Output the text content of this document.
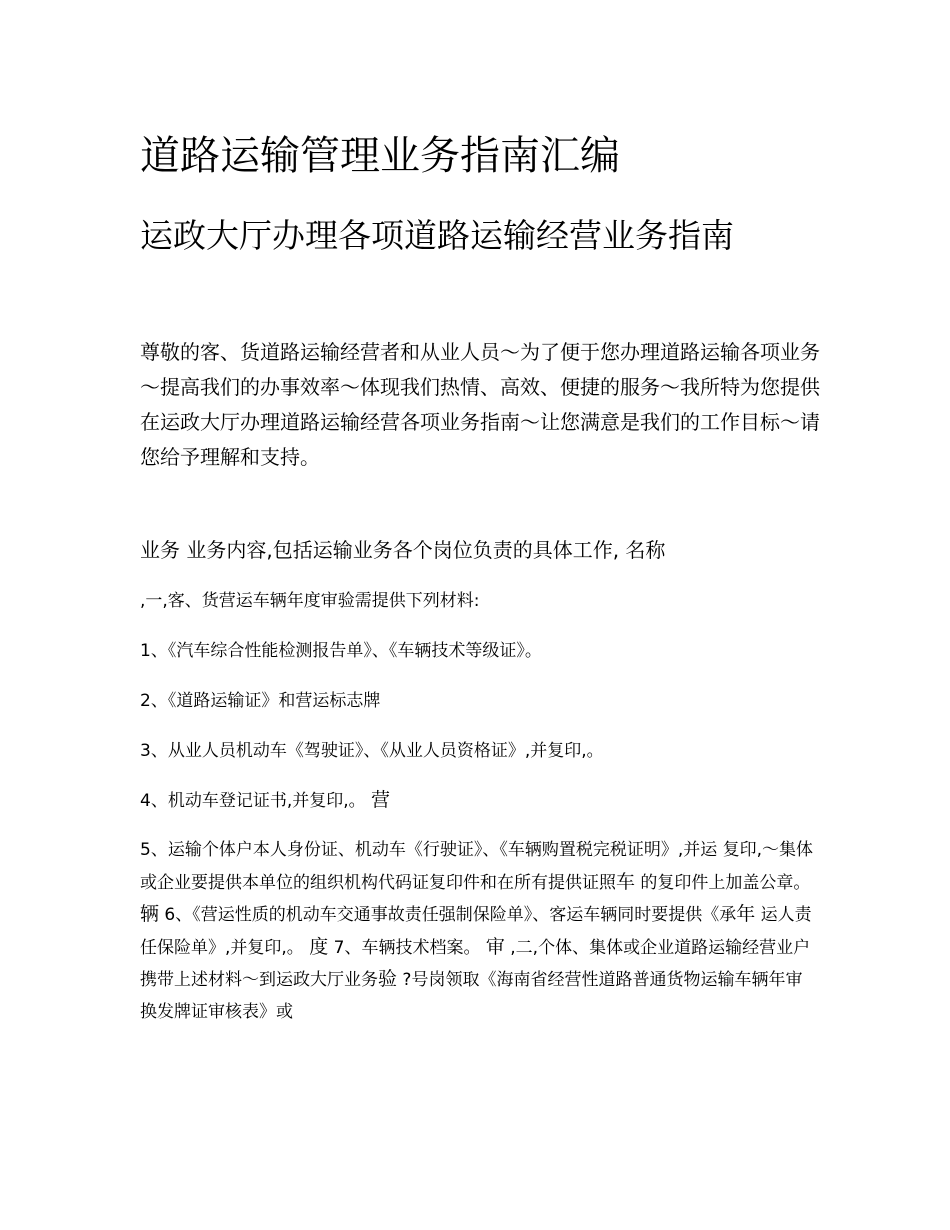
道路运输管理业务指南汇编
运政大厅办理各项道路运输经营业务指南

尊敬的客、货道路运输经营者和从业人员～为了便于您办理道路运输各项业务～提高我们的办事效率～体现我们热情、高效、便捷的服务～我所特为您提供在运政大厅办理道路运输经营各项业务指南～让您满意是我们的工作目标～请您给予理解和支持。

业务 业务内容,包括运输业务各个岗位负责的具体工作, 名称

,一,客、货营运车辆年度审验需提供下列材料:

1、《汽车综合性能检测报告单》、《车辆技术等级证》。

2、《道路运输证》和营运标志牌

3、从业人员机动车《驾驶证》、《从业人员资格证》,并复印,。

4、机动车登记证书,并复印,。 营

5、运输个体户本人身份证、机动车《行驶证》、《车辆购置税完税证明》,并运 复印,～集体或企业要提供本单位的组织机构代码证复印件和在所有提供证照车 的复印件上加盖公章。 辆 6、《营运性质的机动车交通事故责任强制保险单》、客运车辆同时要提供《承年 运人责任保险单》,并复印,。 度 7、车辆技术档案。 审 ,二,个体、集体或企业道路运输经营业户携带上述材料～到运政大厅业务验 ?号岗领取《海南省经营性道路普通货物运输车辆年审换发牌证审核表》或
